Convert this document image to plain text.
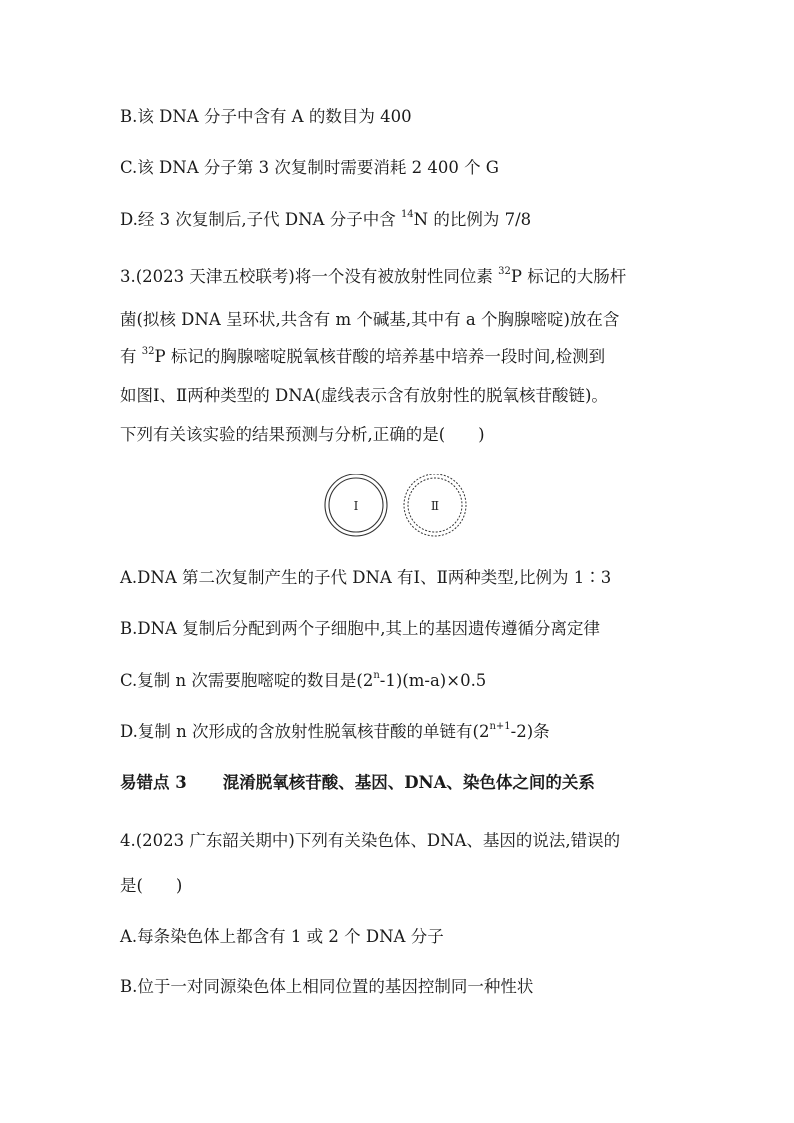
B.该 DNA 分子中含有 A 的数目为 400
C.该 DNA 分子第 3 次复制时需要消耗 2 400 个 G
D.经 3 次复制后,子代 DNA 分子中含 $^{14}$N 的比例为 7/8
3.(2023 天津五校联考)将一个没有被放射性同位素 $^{32}$P 标记的大肠杆
菌(拟核 DNA 呈环状,共含有 m 个碱基,其中有 a 个胸腺嘧啶)放在含
有 $^{32}$P 标记的胸腺嘧啶脱氧核苷酸的培养基中培养一段时间,检测到
如图Ⅰ、Ⅱ两种类型的 DNA(虚线表示含有放射性的脱氧核苷酸链)。
下列有关该实验的结果预测与分析,正确的是(　　)
Ⅰ	Ⅱ
A.DNA 第二次复制产生的子代 DNA 有Ⅰ、Ⅱ两种类型,比例为 1∶3
B.DNA 复制后分配到两个子细胞中,其上的基因遗传遵循分离定律
C.复制 n 次需要胞嘧啶的数目是$(2^n-1)(m-a)\times 0.5$
D.复制 n 次形成的含放射性脱氧核苷酸的单链有$(2^{n+1}-2)$条
易错点 3 混淆脱氧核苷酸、基因、DNA、染色体之间的关系
4.(2023 广东韶关期中)下列有关染色体、DNA、基因的说法,错误的
是(　　)
A.每条染色体上都含有 1 或 2 个 DNA 分子
B.位于一对同源染色体上相同位置的基因控制同一种性状
